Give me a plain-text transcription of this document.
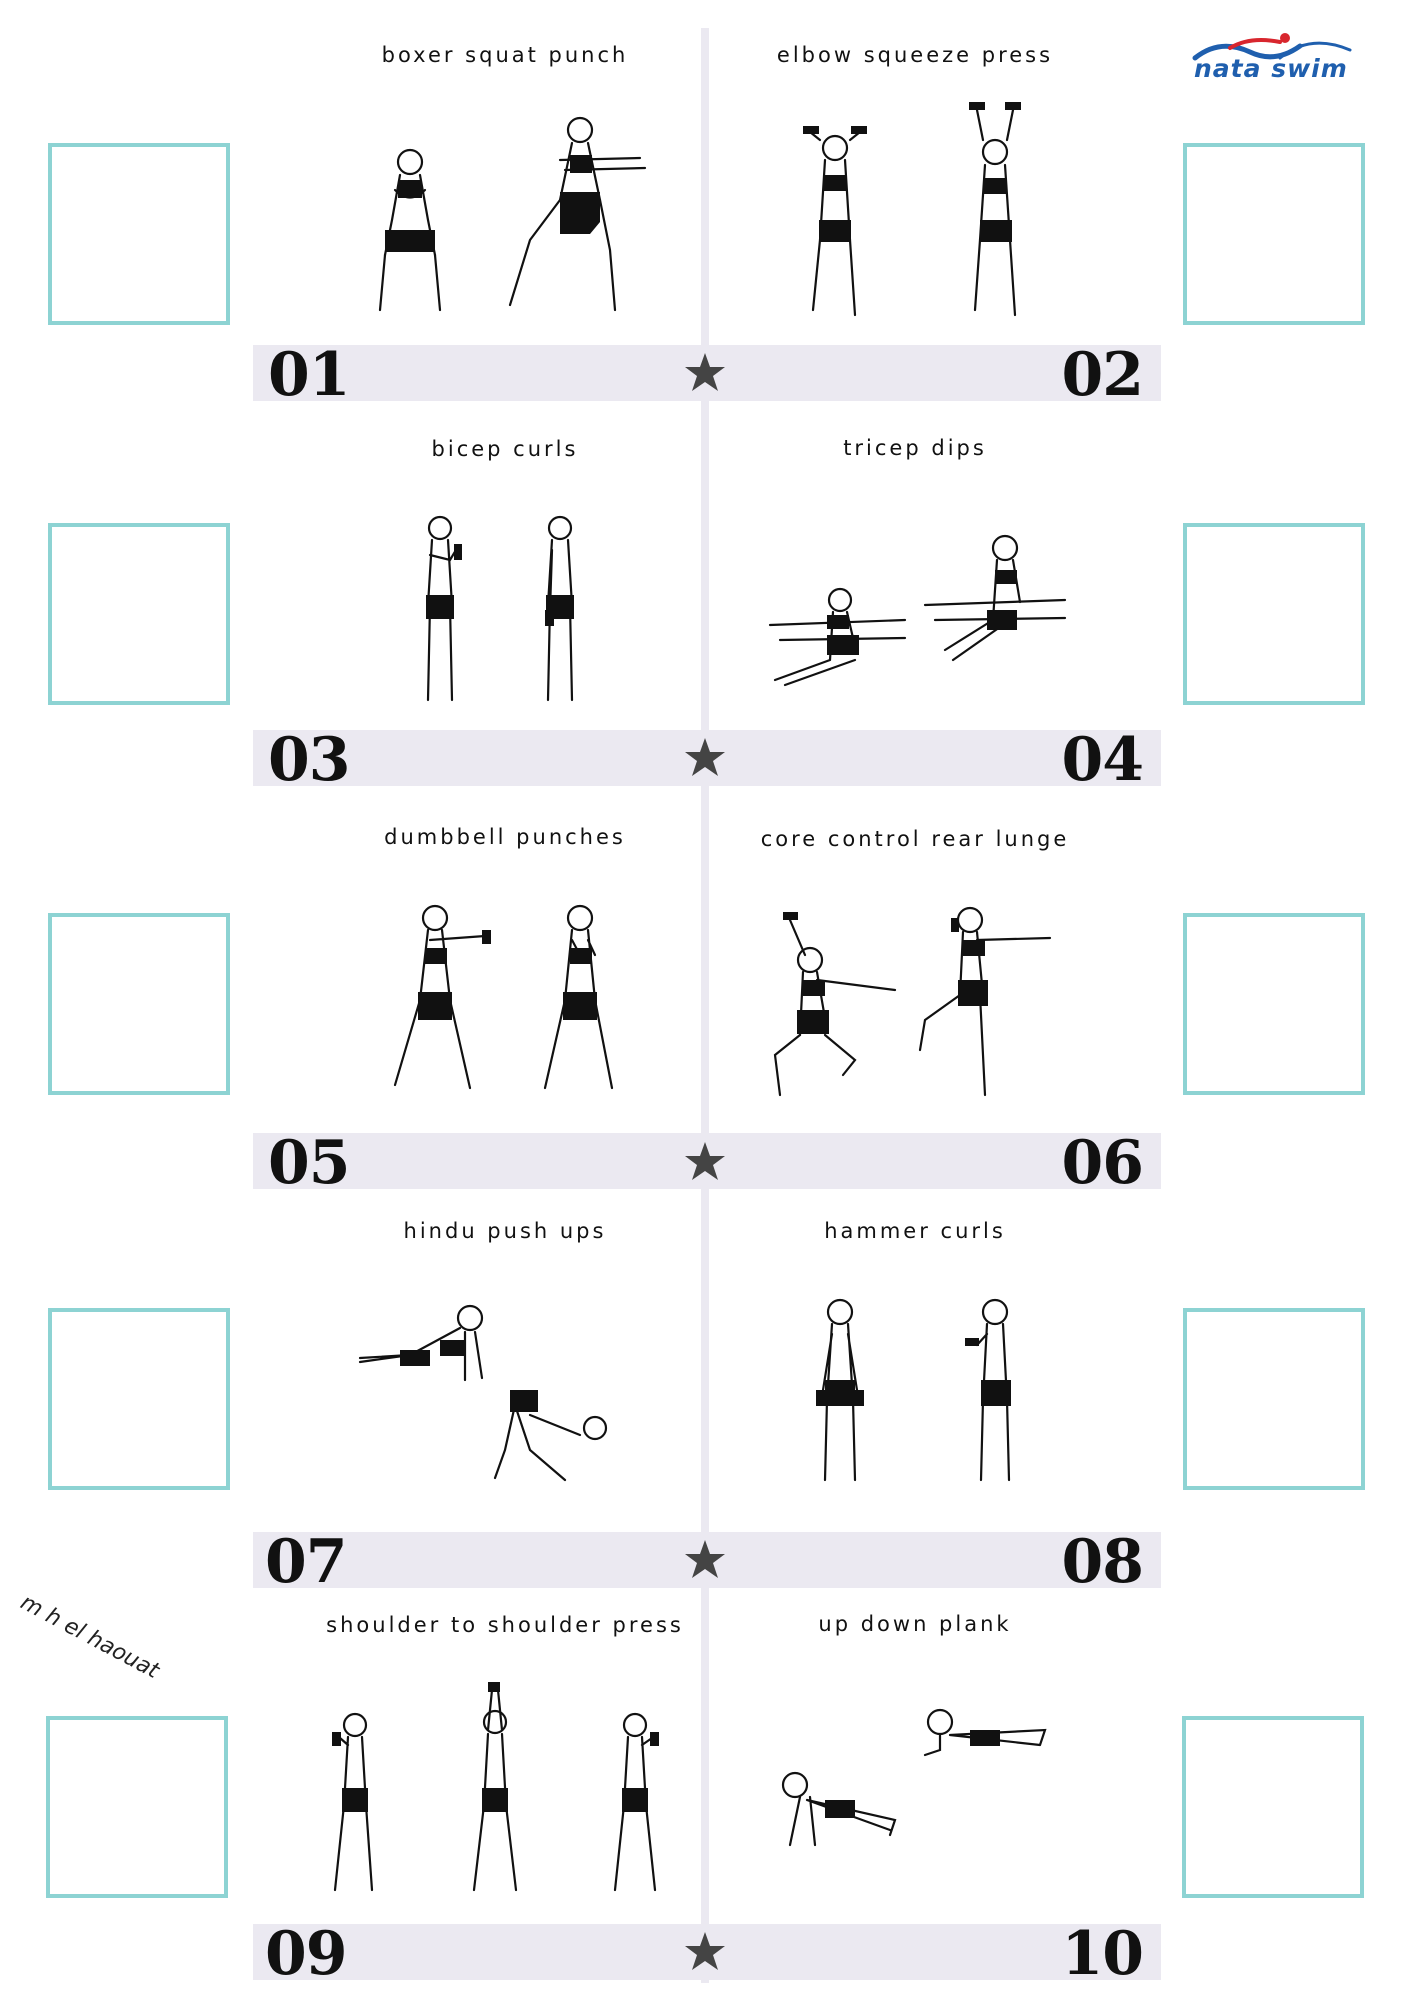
nata swim
m h el haouat
boxer squat punch	elbow squeeze press
01	02
bicep curls	tricep dips
03	04
dumbbell punches	core control rear lunge
05	06
hindu push ups	hammer curls
07	08
shoulder to shoulder press	up down plank
09	10
